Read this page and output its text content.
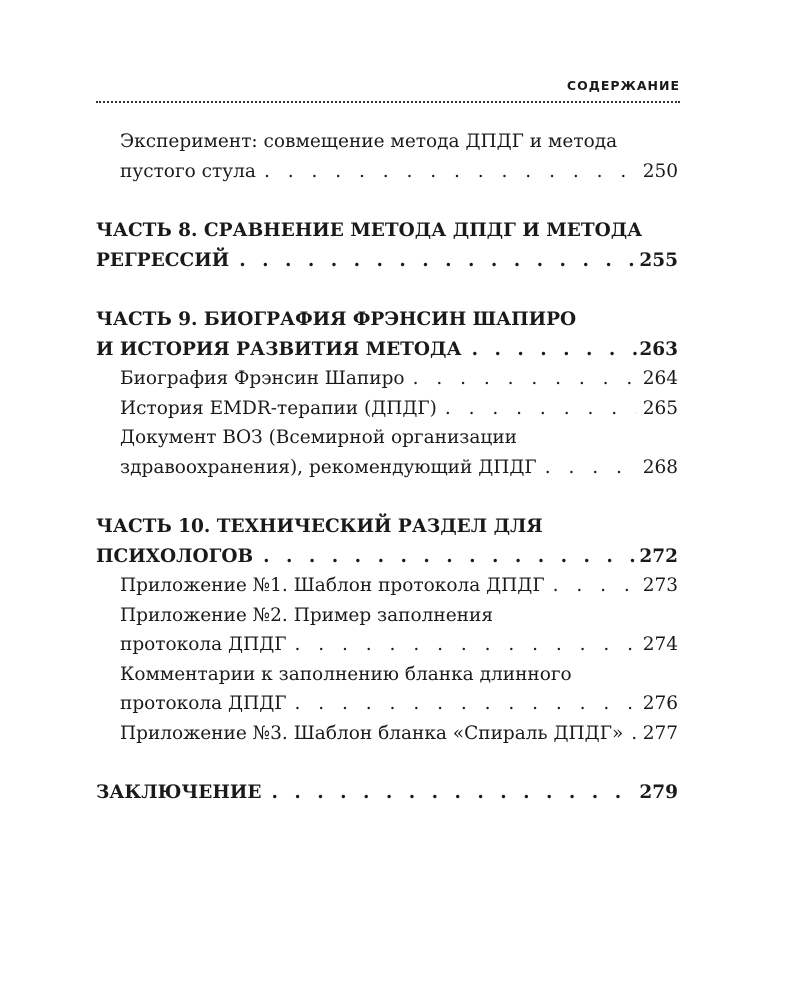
СОДЕРЖАНИЕ
Эксперимент: совмещение метода ДПДГ и метода
пустого стула . . .	250
ЧАСТЬ 8. СРАВНЕНИЕ МЕТОДА ДПДГ И МЕТОДА
РЕГРЕССИЙ . . .	255
ЧАСТЬ 9. БИОГРАФИЯ ФРЭНСИН ШАПИРО
И ИСТОРИЯ РАЗВИТИЯ МЕТОДА . . .	263
Биография Фрэнсин Шапиро . . .	264
История EMDR-терапии (ДПДГ) . . .	265
Документ ВОЗ (Всемирной организации
здравоохранения), рекомендующий ДПДГ . . .	268
ЧАСТЬ 10. ТЕХНИЧЕСКИЙ РАЗДЕЛ ДЛЯ
ПСИХОЛОГОВ . . .	272
Приложение №1. Шаблон протокола ДПДГ . . .	273
Приложение №2. Пример заполнения
протокола ДПДГ . . .	274
Комментарии к заполнению бланка длинного
протокола ДПДГ . . .	276
Приложение №3. Шаблон бланка «Спираль ДПДГ» . . . 277
ЗАКЛЮЧЕНИЕ . . .	279
